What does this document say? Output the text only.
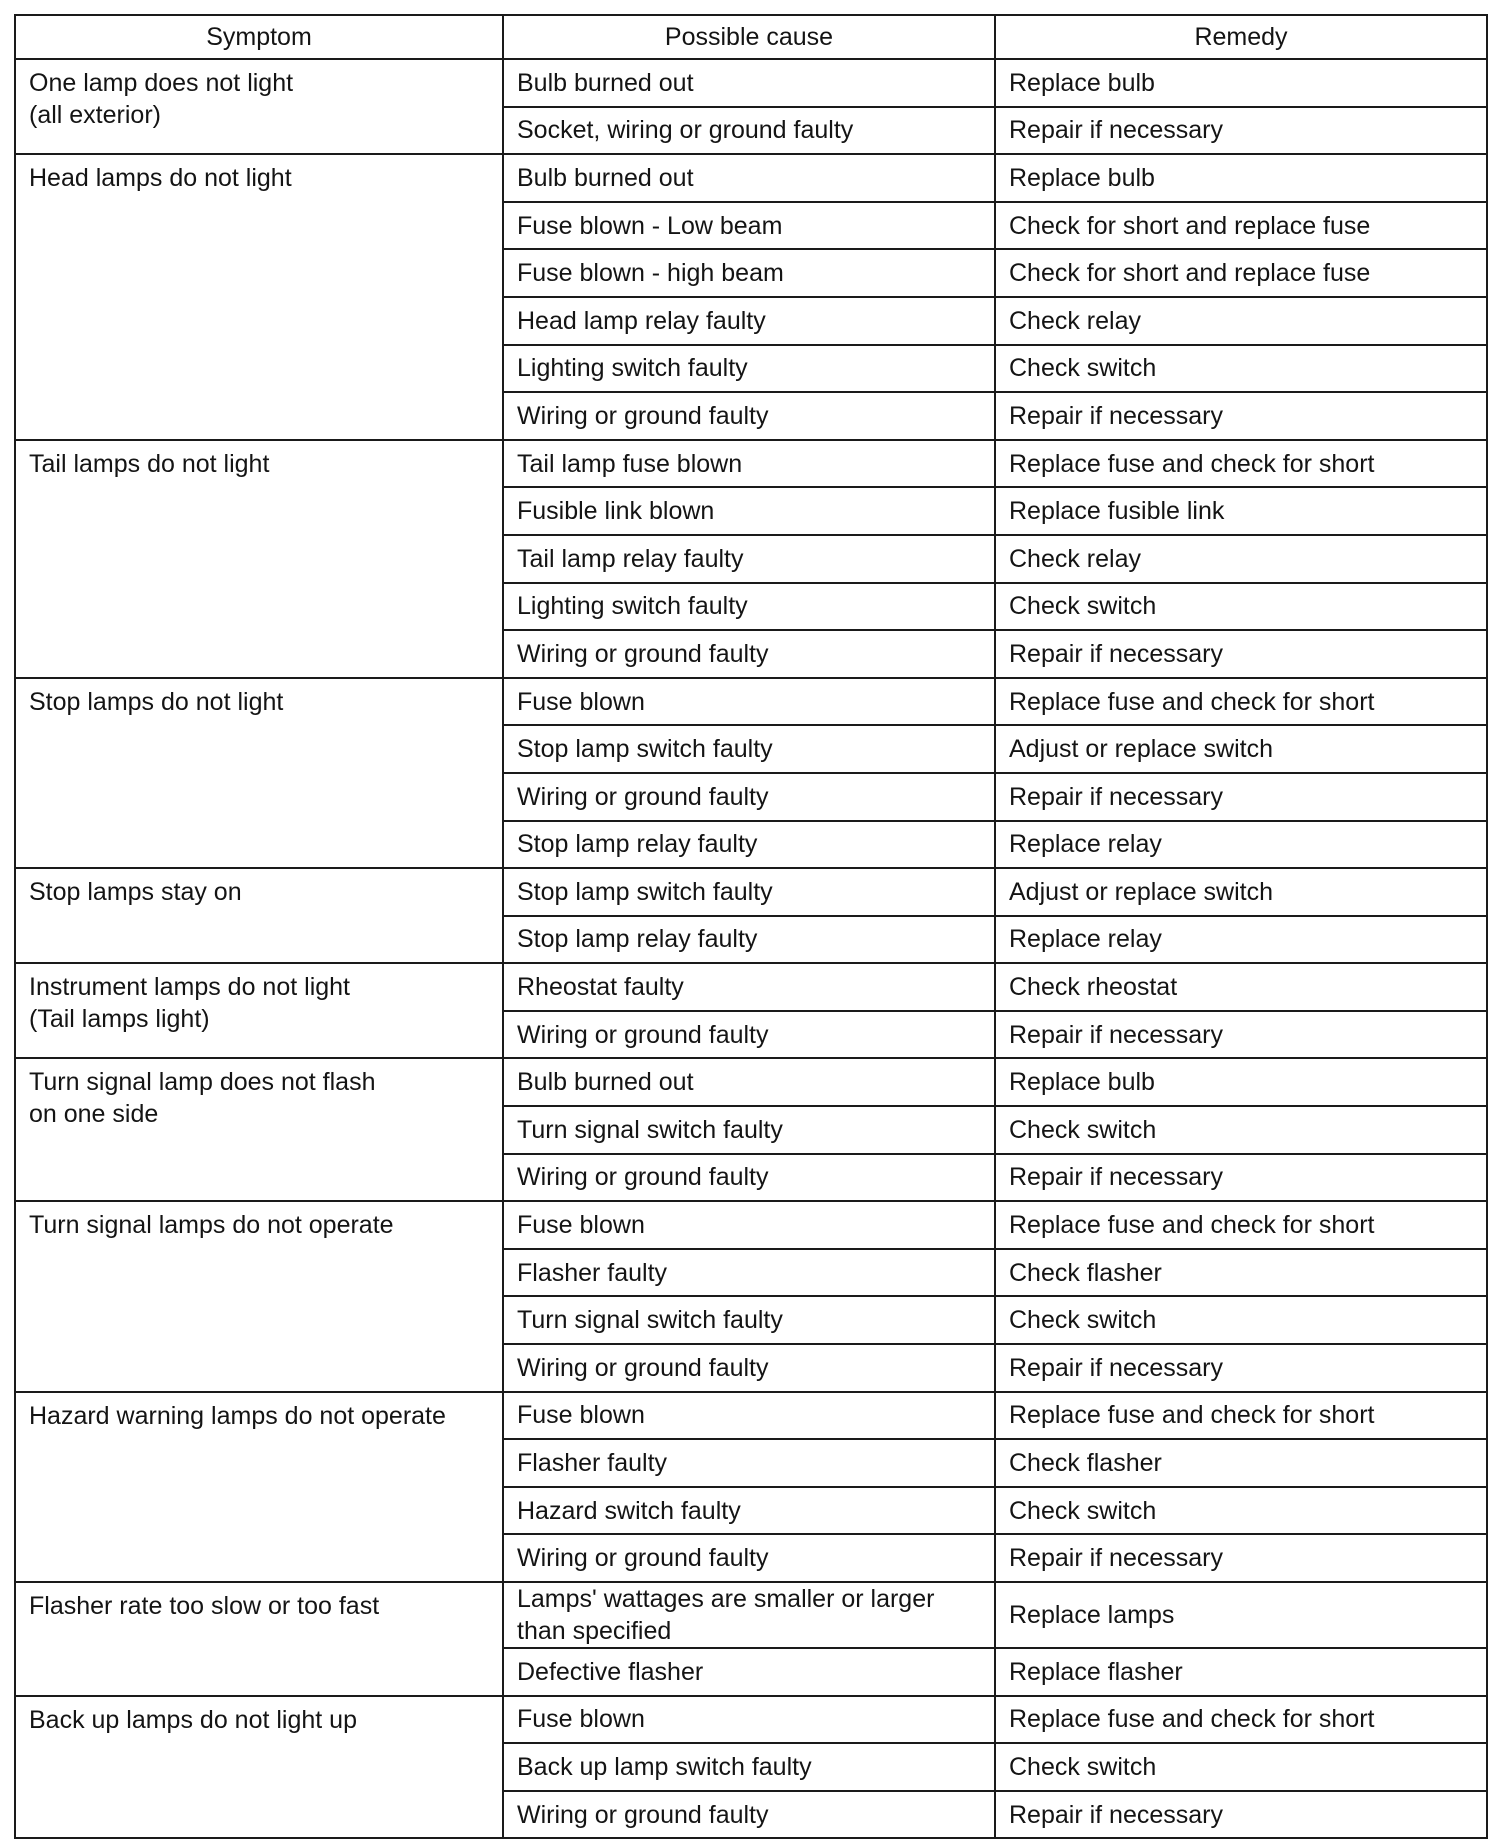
Symptom	Possible cause	Remedy
One lamp does not light
(all exterior)	Bulb burned out	Replace bulb
	Socket, wiring or ground faulty	Repair if necessary
Head lamps do not light	Bulb burned out	Replace bulb
	Fuse blown - Low beam	Check for short and replace fuse
	Fuse blown - high beam	Check for short and replace fuse
	Head lamp relay faulty	Check relay
	Lighting switch faulty	Check switch
	Wiring or ground faulty	Repair if necessary
Tail lamps do not light	Tail lamp fuse blown	Replace fuse and check for short
	Fusible link blown	Replace fusible link
	Tail lamp relay faulty	Check relay
	Lighting switch faulty	Check switch
	Wiring or ground faulty	Repair if necessary
Stop lamps do not light	Fuse blown	Replace fuse and check for short
	Stop lamp switch faulty	Adjust or replace switch
	Wiring or ground faulty	Repair if necessary
	Stop lamp relay faulty	Replace relay
Stop lamps stay on	Stop lamp switch faulty	Adjust or replace switch
	Stop lamp relay faulty	Replace relay
Instrument lamps do not light
(Tail lamps light)	Rheostat faulty	Check rheostat
	Wiring or ground faulty	Repair if necessary
Turn signal lamp does not flash
on one side	Bulb burned out	Replace bulb
	Turn signal switch faulty	Check switch
	Wiring or ground faulty	Repair if necessary
Turn signal lamps do not operate	Fuse blown	Replace fuse and check for short
	Flasher faulty	Check flasher
	Turn signal switch faulty	Check switch
	Wiring or ground faulty	Repair if necessary
Hazard warning lamps do not operate	Fuse blown	Replace fuse and check for short
	Flasher faulty	Check flasher
	Hazard switch faulty	Check switch
	Wiring or ground faulty	Repair if necessary
Flasher rate too slow or too fast	Lamps' wattages are smaller or larger than specified	Replace lamps
	Defective flasher	Replace flasher
Back up lamps do not light up	Fuse blown	Replace fuse and check for short
	Back up lamp switch faulty	Check switch
	Wiring or ground faulty	Repair if necessary
